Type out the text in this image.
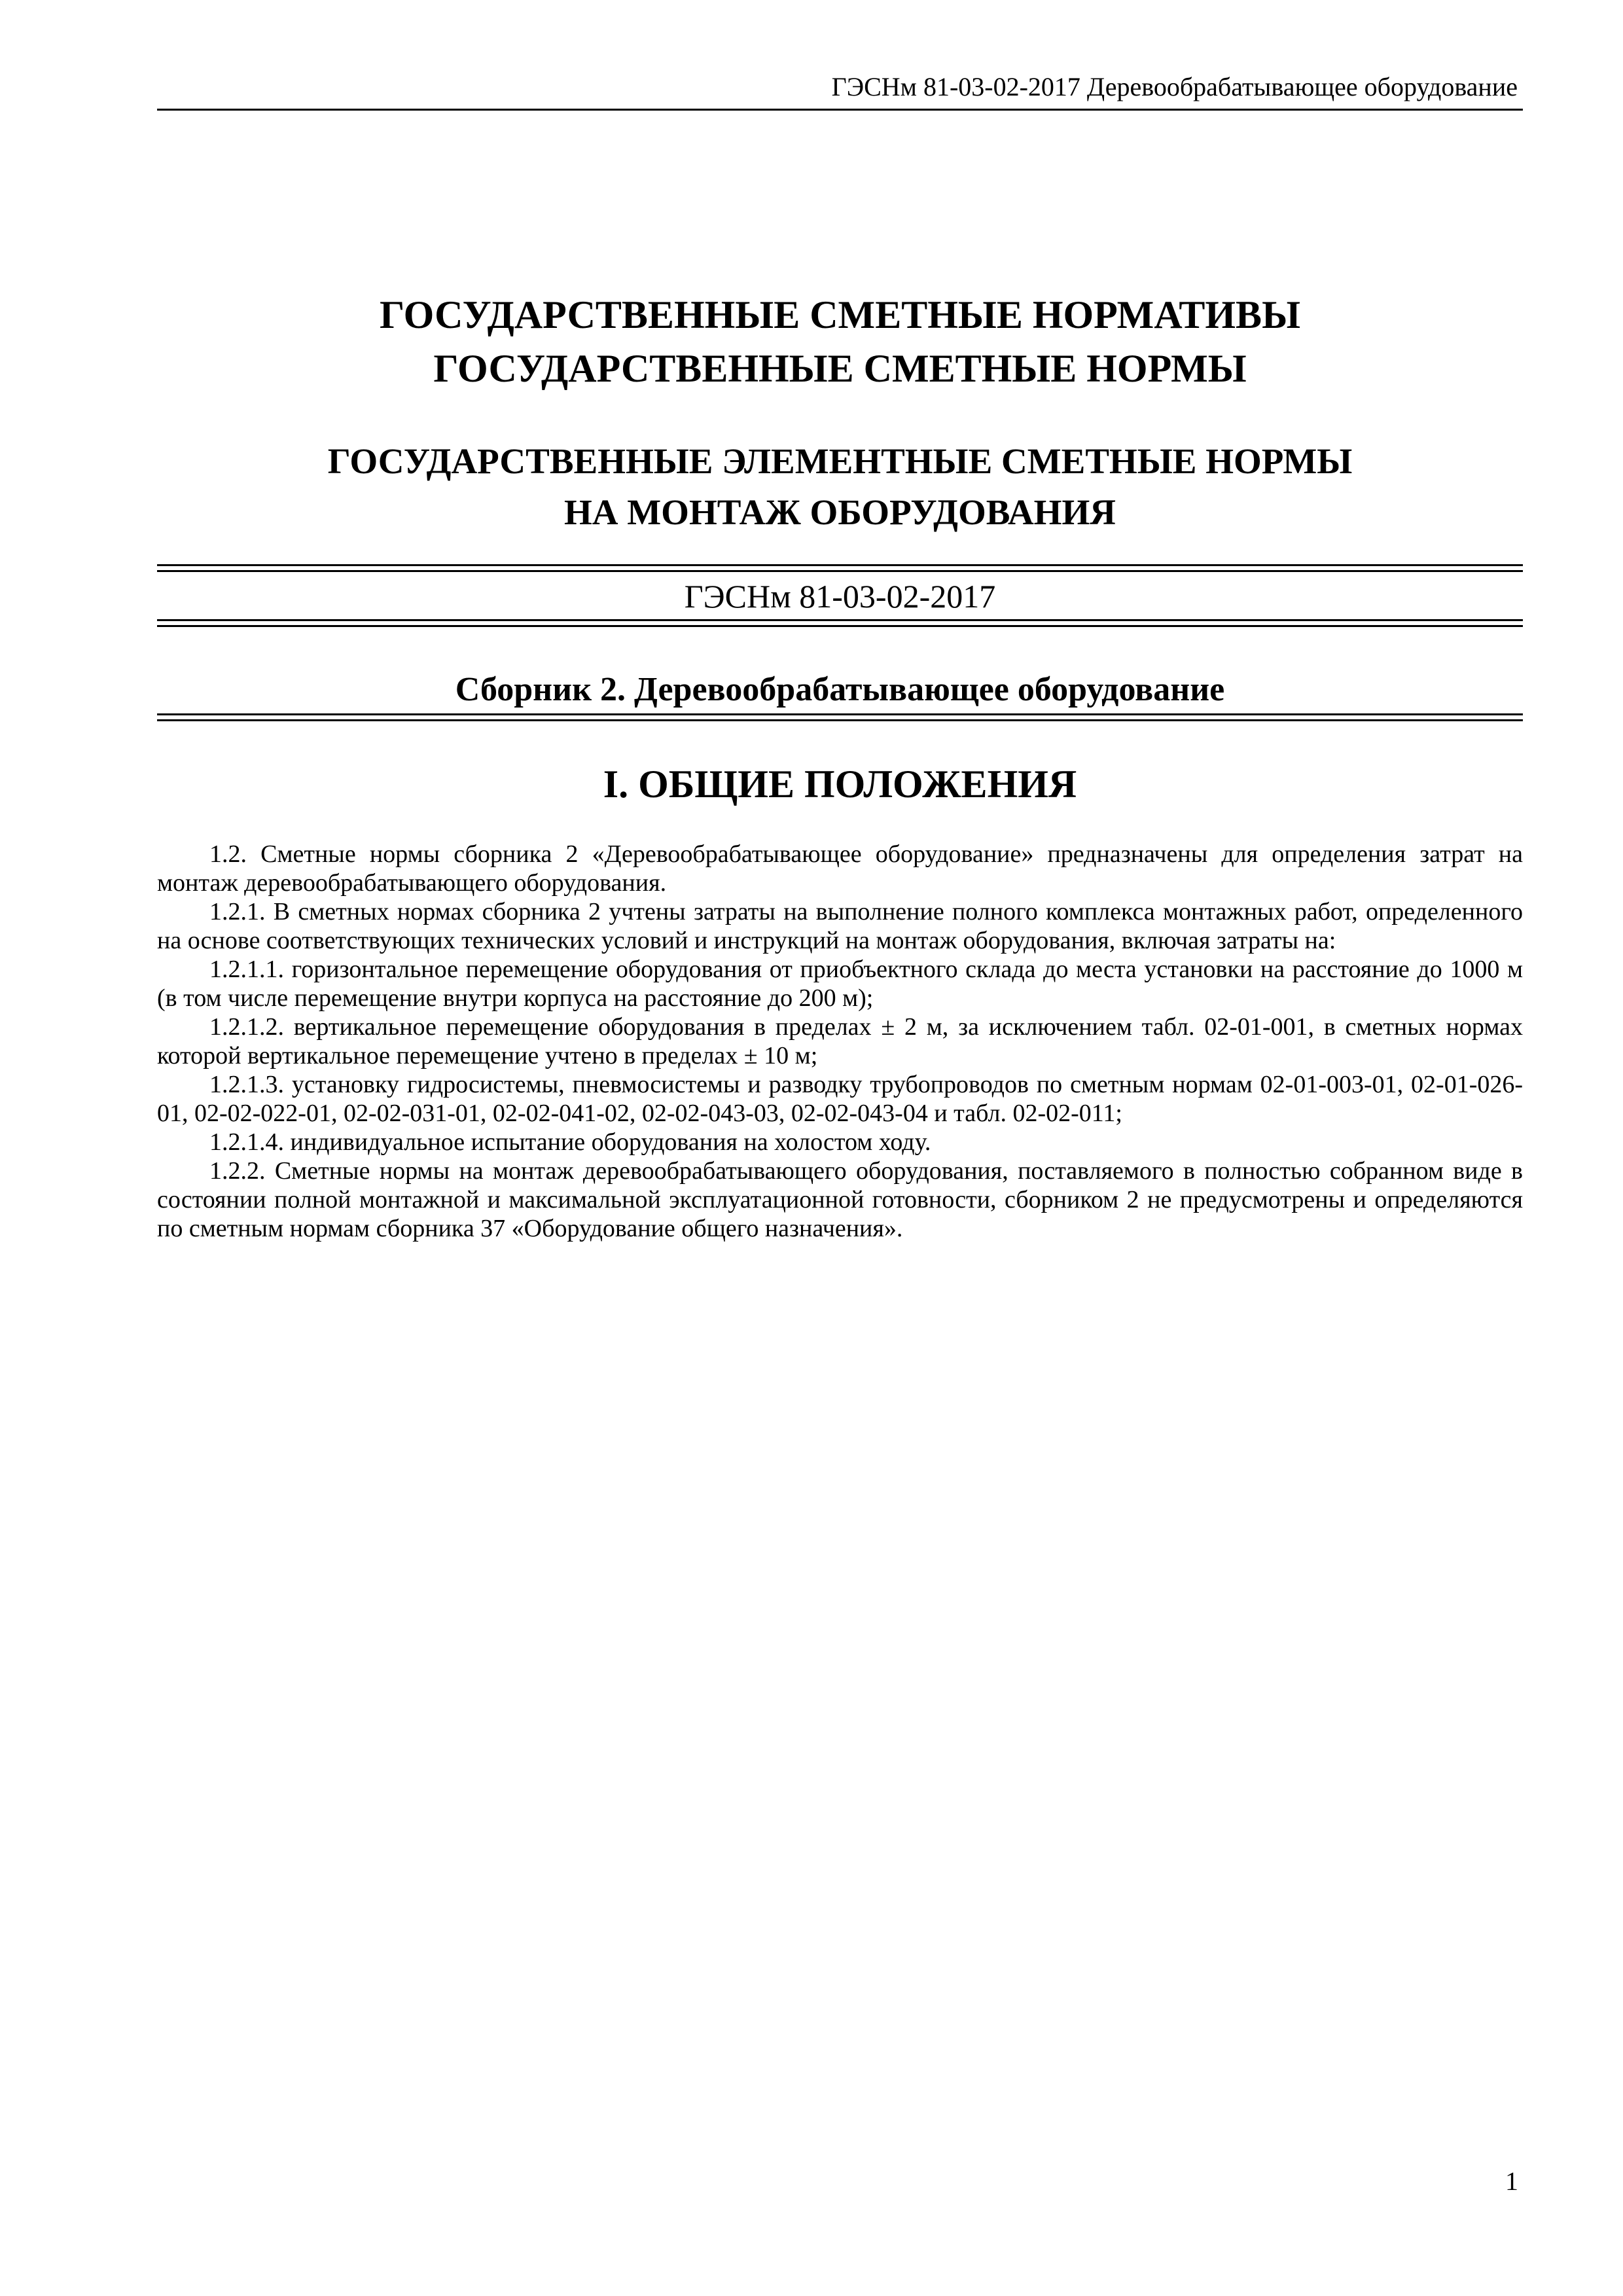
ГЭСНм 81-03-02-2017 Деревообрабатывающее оборудование
ГОСУДАРСТВЕННЫЕ СМЕТНЫЕ НОРМАТИВЫ
ГОСУДАРСТВЕННЫЕ СМЕТНЫЕ НОРМЫ
ГОСУДАРСТВЕННЫЕ ЭЛЕМЕНТНЫЕ СМЕТНЫЕ НОРМЫ
НА МОНТАЖ ОБОРУДОВАНИЯ
ГЭСНм 81-03-02-2017
Сборник 2. Деревообрабатывающее оборудование
I. ОБЩИЕ ПОЛОЖЕНИЯ

1.2. Сметные нормы сборника 2 «Деревообрабатывающее оборудование» предназначены для определения затрат на монтаж деревообрабатывающего оборудования.

1.2.1. В сметных нормах сборника 2 учтены затраты на выполнение полного комплекса монтажных работ, определенного на основе соответствующих технических условий и инструкций на монтаж оборудования, включая затраты на:

1.2.1.1. горизонтальное перемещение оборудования от приобъектного склада до места установки на расстояние до 1000 м (в том числе перемещение внутри корпуса на расстояние до 200 м);

1.2.1.2. вертикальное перемещение оборудования в пределах ± 2 м, за исключением табл. 02-01-001, в сметных нормах которой вертикальное перемещение учтено в пределах ± 10 м;

1.2.1.3. установку гидросистемы, пневмосистемы и разводку трубопроводов по сметным нормам 02-01-003-01, 02-01-026-01, 02-02-022-01, 02-02-031-01, 02-02-041-02, 02-02-043-03, 02-02-043-04 и табл. 02-02-011;

1.2.1.4. индивидуальное испытание оборудования на холостом ходу.

1.2.2. Сметные нормы на монтаж деревообрабатывающего оборудования, поставляемого в полностью собранном виде в состоянии полной монтажной и максимальной эксплуатационной готовности, сборником 2 не предусмотрены и определяются по сметным нормам сборника 37 «Оборудование общего назначения».

1
